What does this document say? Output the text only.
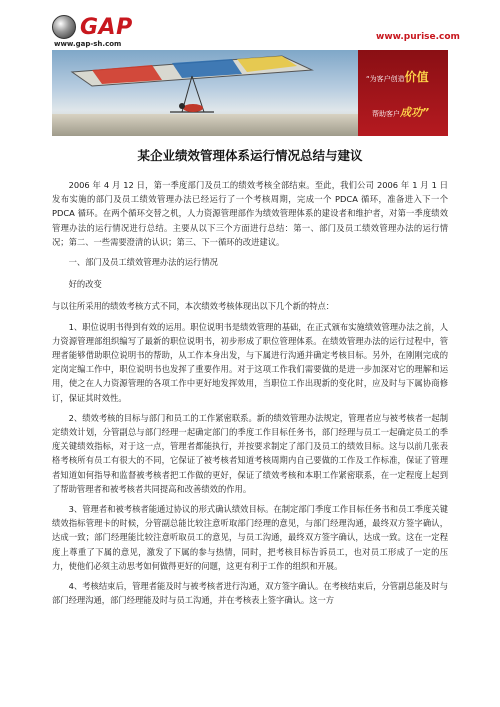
GAP
www.gap-sh.com
www.purise.com
“为客户创造价值
帮助客户成功”
某企业绩效管理体系运行情况总结与建议

2006 年 4 月 12 日，第一季度部门及员工的绩效考核全部结束。至此，我们公司 2006 年 1 月 1 日发布实施的部门及员工绩效管理办法已经运行了一个考核周期，完成一个 PDCA 循环，准备进入下一个 PDCA 循环。在两个循环交替之机，人力资源管理部作为绩效管理体系的建设者和维护者，对第一季度绩效管理办法的运行情况进行总结。主要从以下三个方面进行总结：第一、部门及员工绩效管理办法的运行情况；第二、一些需要澄清的认识；第三、下一循环的改进建议。

一、部门及员工绩效管理办法的运行情况

好的改变

与以往所采用的绩效考核方式不同，本次绩效考核体现出以下几个新的特点：

1、职位说明书得到有效的运用。职位说明书是绩效管理的基础，在正式颁布实施绩效管理办法之前，人力资源管理部组织编写了最新的职位说明书，初步形成了职位管理体系。在绩效管理办法的运行过程中，管理者能够借助职位说明书的帮助，从工作本身出发，与下属进行沟通并确定考核目标。另外，在刚刚完成的定岗定编工作中，职位说明书也发挥了重要作用。对于这项工作我们需要做的是进一步加深对它的理解和运用，使之在人力资源管理的各项工作中更好地发挥效用，当职位工作出现新的变化时，应及时与下属协商修订，保证其时效性。

2、绩效考核的目标与部门和员工的工作紧密联系。新的绩效管理办法规定，管理者应与被考核者一起制定绩效计划，分管副总与部门经理一起确定部门的季度工作目标任务书，部门经理与员工一起确定员工的季度关键绩效指标，对于这一点，管理者都能执行，并按要求制定了部门及员工的绩效目标。这与以前几张表格考核所有员工有很大的不同，它保证了被考核者知道考核周期内自己要做的工作及工作标准，保证了管理者知道如何指导和监督被考核者把工作做的更好，保证了绩效考核和本职工作紧密联系，在一定程度上起到了帮助管理者和被考核者共同提高和改善绩效的作用。

3、管理者和被考核者能通过协议的形式确认绩效目标。在制定部门季度工作目标任务书和员工季度关键绩效指标管理卡的时候，分管副总能比较注意听取部门经理的意见，与部门经理沟通，最终双方签字确认，达成一致；部门经理能比较注意听取员工的意见，与员工沟通，最终双方签字确认，达成一致。这在一定程度上尊重了下属的意见，激发了下属的参与热情，同时，把考核目标告诉员工，也对员工形成了一定的压力，使他们必须主动思考如何做得更好的问题，这更有利于工作的组织和开展。

4、考核结束后，管理者能及时与被考核者进行沟通，双方签字确认。在考核结束后，分管副总能及时与部门经理沟通，部门经理能及时与员工沟通，并在考核表上签字确认。这一方
